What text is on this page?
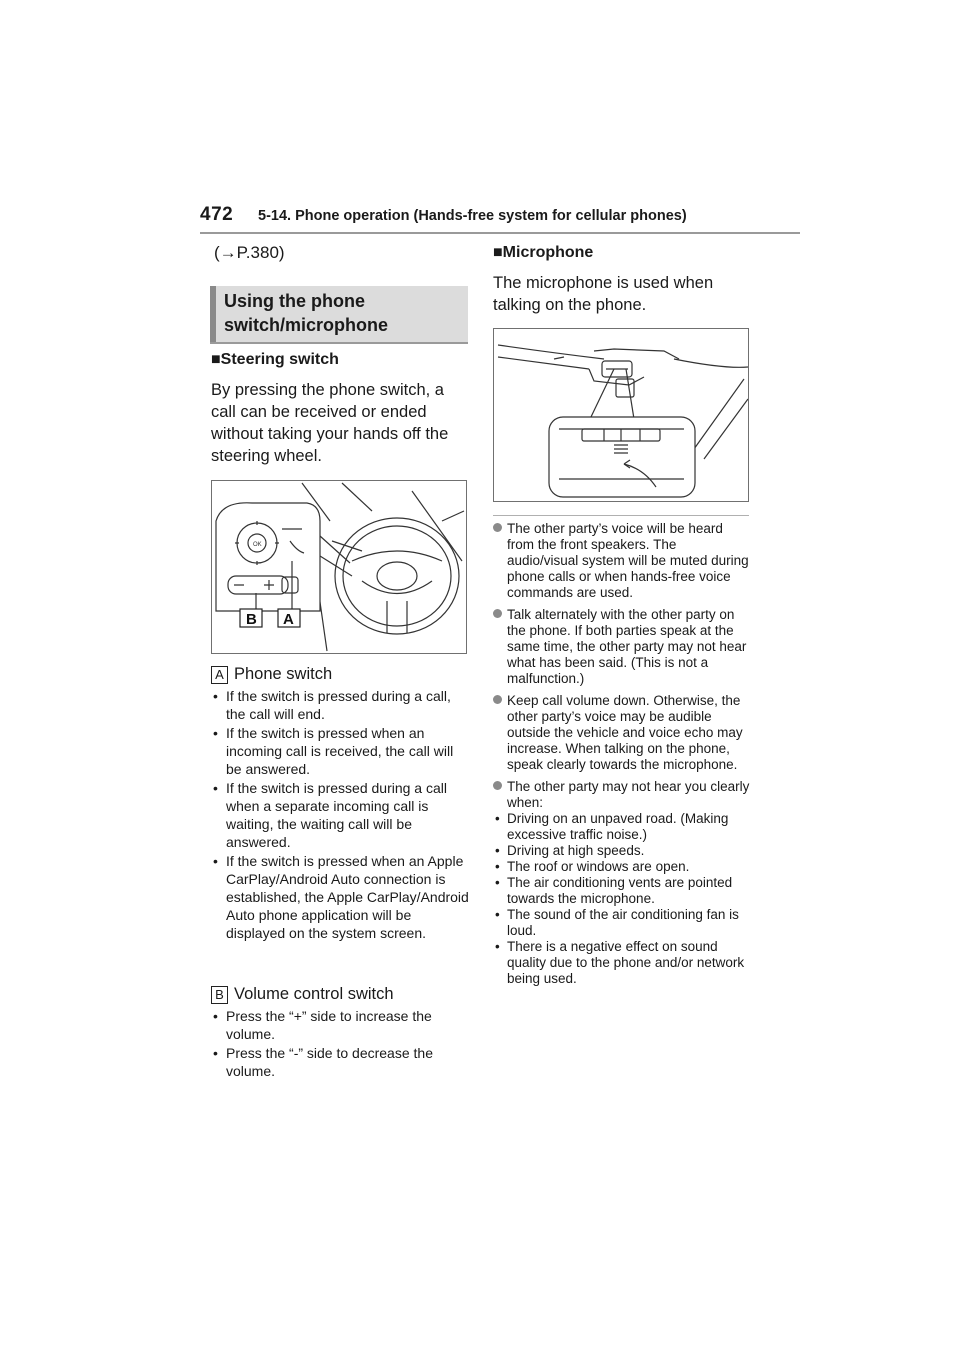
472 5-14. Phone operation (Hands-free system for cellular phones)
(→P.380)
Using the phone switch/microphone
■Steering switch
By pressing the phone switch, a call can be received or ended without taking your hands off the steering wheel.
OK
B A
A Phone switch
• If the switch is pressed during a call, the call will end.
• If the switch is pressed when an incoming call is received, the call will be answered.
• If the switch is pressed during a call when a separate incoming call is waiting, the waiting call will be answered.
• If the switch is pressed when an Apple CarPlay/Android Auto connection is established, the Apple CarPlay/Android Auto phone application will be displayed on the system screen.
B Volume control switch
• Press the “+” side to increase the volume.
• Press the “-” side to decrease the volume.
■Microphone
The microphone is used when talking on the phone.
The other party’s voice will be heard from the front speakers. The audio/visual system will be muted during phone calls or when hands-free voice commands are used.
Talk alternately with the other party on the phone. If both parties speak at the same time, the other party may not hear what has been said. (This is not a malfunction.)
Keep call volume down. Otherwise, the other party’s voice may be audible outside the vehicle and voice echo may increase. When talking on the phone, speak clearly towards the microphone.
The other party may not hear you clearly when:
• Driving on an unpaved road. (Making excessive traffic noise.)
• Driving at high speeds.
• The roof or windows are open.
• The air conditioning vents are pointed towards the microphone.
• The sound of the air conditioning fan is loud.
• There is a negative effect on sound quality due to the phone and/or network being used.
